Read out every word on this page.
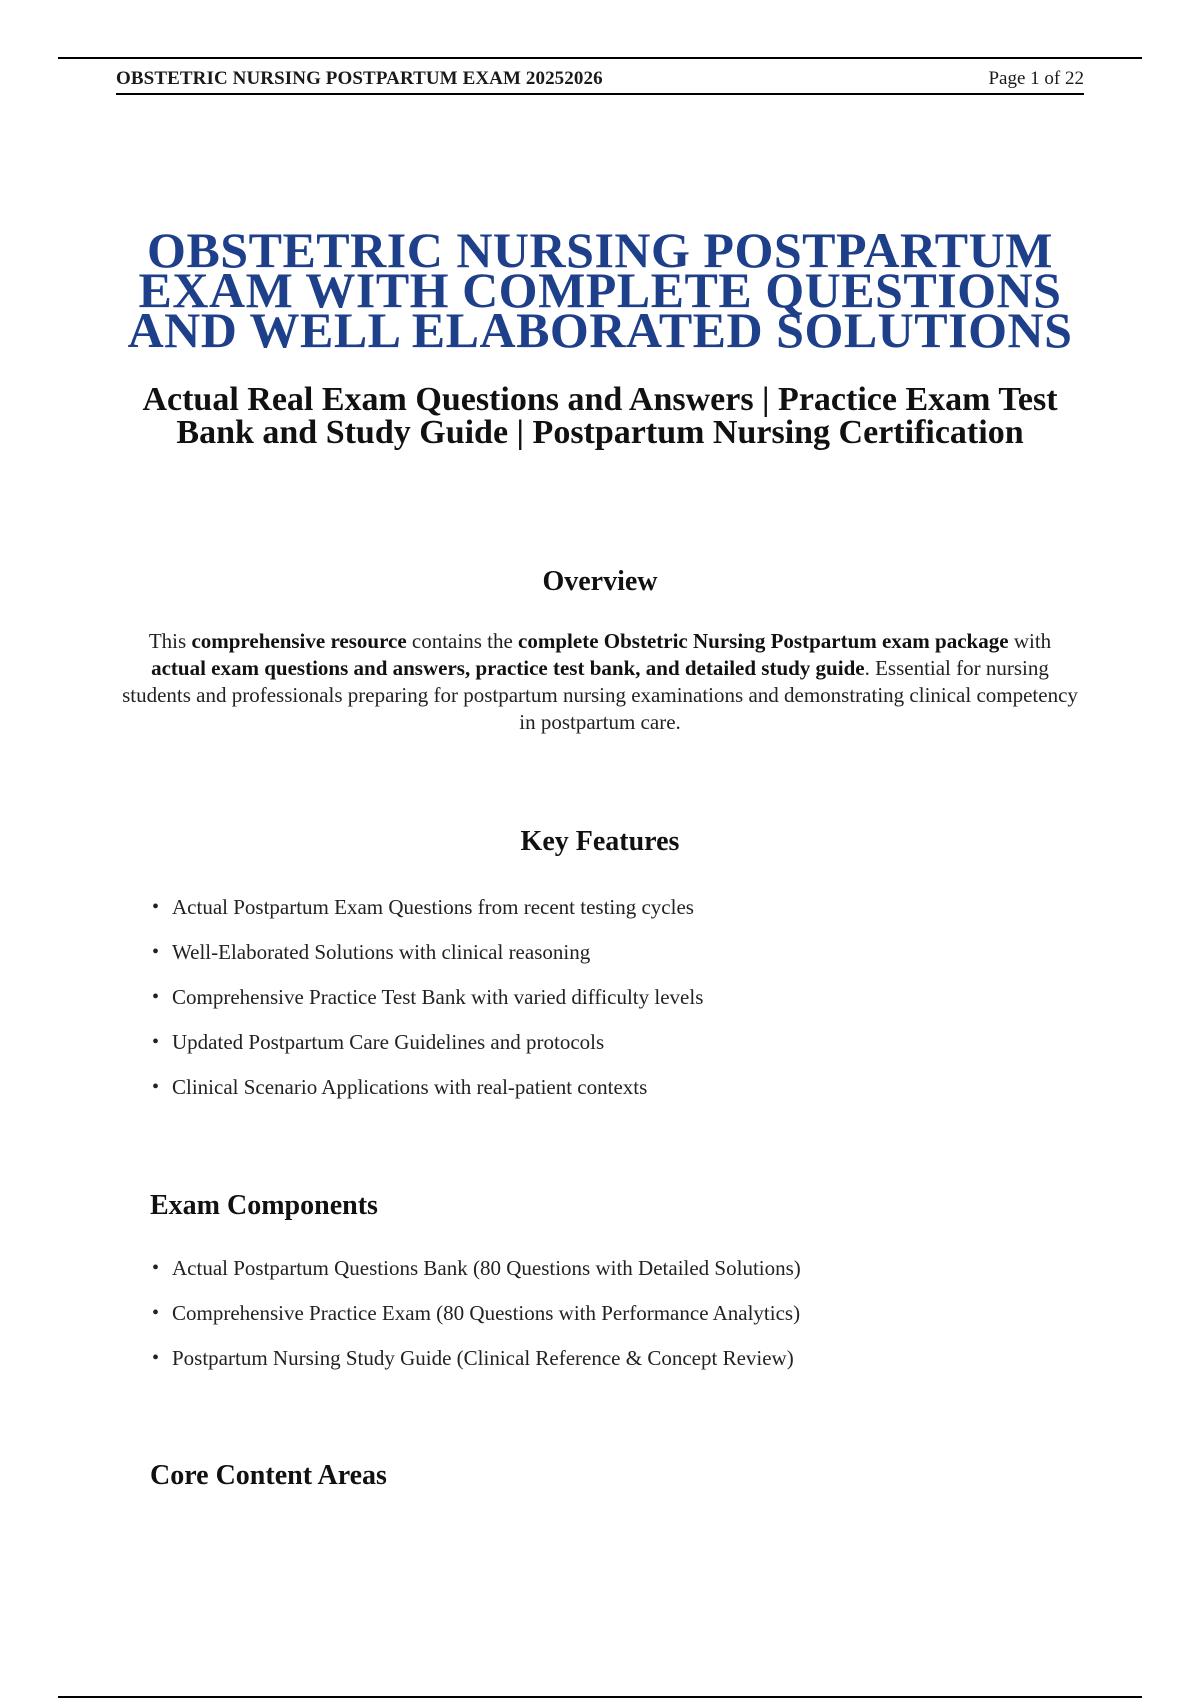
OBSTETRIC NURSING POSTPARTUM EXAM 20252026	Page 1 of 22
OBSTETRIC NURSING POSTPARTUM EXAM WITH COMPLETE QUESTIONS AND WELL ELABORATED SOLUTIONS
Actual Real Exam Questions and Answers | Practice Exam Test Bank and Study Guide | Postpartum Nursing Certification
Overview

This comprehensive resource contains the complete Obstetric Nursing Postpartum exam package with actual exam questions and answers, practice test bank, and detailed study guide. Essential for nursing students and professionals preparing for postpartum nursing examinations and demonstrating clinical competency in postpartum care.

Key Features
• Actual Postpartum Exam Questions from recent testing cycles
• Well-Elaborated Solutions with clinical reasoning
• Comprehensive Practice Test Bank with varied difficulty levels
• Updated Postpartum Care Guidelines and protocols
• Clinical Scenario Applications with real-patient contexts
Exam Components
• Actual Postpartum Questions Bank (80 Questions with Detailed Solutions)
• Comprehensive Practice Exam (80 Questions with Performance Analytics)
• Postpartum Nursing Study Guide (Clinical Reference & Concept Review)
Core Content Areas
